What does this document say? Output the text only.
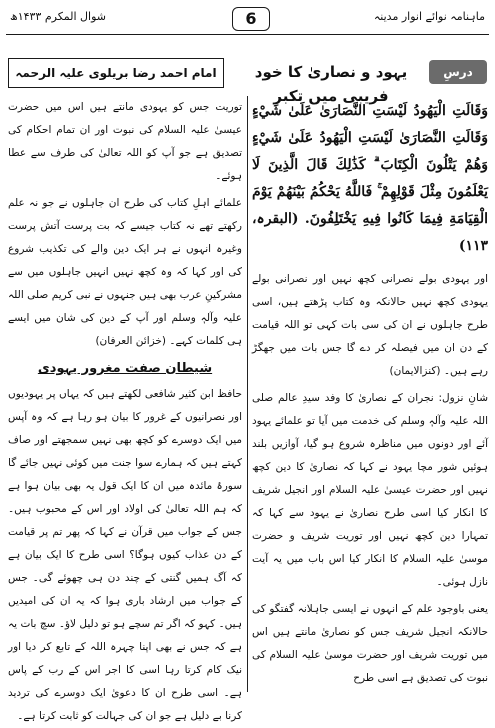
ماہنامہ نوائے انوار مدینہ
6
شوال المکرم ۱۴۳۳ھ
درسِ قرآن
یہود و نصاریٰ کا خود فریبی میں تکبر
امام احمد رضا بریلوی علیہ الرحمہ

وَقَالَتِ الْيَهُودُ لَيْسَتِ النَّصَارَىٰ عَلَىٰ شَيْءٍ وَقَالَتِ النَّصَارَىٰ لَيْسَتِ الْيَهُودُ عَلَىٰ شَيْءٍ وَهُمْ يَتْلُونَ الْكِتَابَ ۗ كَذَٰلِكَ قَالَ الَّذِينَ لَا يَعْلَمُونَ مِثْلَ قَوْلِهِمْ ۚ فَاللَّهُ يَحْكُمُ بَيْنَهُمْ يَوْمَ الْقِيَامَةِ فِيمَا كَانُوا فِيهِ يَخْتَلِفُونَ. (البقرہ، ۱۱۳)

اور یہودی بولے نصرانی کچھ نہیں اور نصرانی بولے یہودی کچھ نہیں حالانکہ وہ کتاب پڑھتے ہیں، اسی طرح جاہلوں نے ان کی سی بات کہی تو اللہ قیامت کے دن ان میں فیصلہ کر دے گا جس بات میں جھگڑ رہے ہیں۔ (کنزالایمان)

شانِ نزول: نجران کے نصاریٰ کا وفد سیدِ عالم صلی اللہ علیہ وآلہٖ وسلم کی خدمت میں آیا تو علمائے یہود آئے اور دونوں میں مناظرہ شروع ہو گیا، آوازیں بلند ہوئیں شور مچا یہود نے کہا کہ نصاریٰ کا دین کچھ نہیں اور حضرت عیسیٰ علیہ السلام اور انجیل شریف کا انکار کیا اسی طرح نصاریٰ نے یہود سے کہا کہ تمہارا دین کچھ نہیں اور توریت شریف و حضرت موسیٰ علیہ السلام کا انکار کیا اس باب میں یہ آیت نازل ہوئی۔

یعنی باوجود علم کے انہوں نے ایسی جاہلانہ گفتگو کی حالانکہ انجیل شریف جس کو نصاریٰ مانتے ہیں اس میں توریت شریف اور حضرت موسیٰ علیہ السلام کی نبوت کی تصدیق ہے اسی طرح

توریت جس کو یہودی مانتے ہیں اس میں حضرت عیسیٰ علیہ السلام کی نبوت اور ان تمام احکام کی تصدیق ہے جو آپ کو اللہ تعالیٰ کی طرف سے عطا ہوئے۔

علمائے اہلِ کتاب کی طرح ان جاہلوں نے جو نہ علم رکھتے تھے نہ کتاب جیسے کہ بت پرست آتش پرست وغیرہ انہوں نے ہر ایک دین والے کی تکذیب شروع کی اور کہا کہ وہ کچھ نہیں انہیں جاہلوں میں سے مشرکینِ عرب بھی ہیں جنہوں نے نبی کریم صلی اللہ علیہ وآلہٖ وسلم اور آپ کے دین کی شان میں ایسے ہی کلمات کہے۔ (خزائن العرفان)

شیطان صفت مغرور یہودی

حافظ ابن کثیر شافعی لکھتے ہیں کہ یہاں پر یہودیوں اور نصرانیوں کے غرور کا بیان ہو رہا ہے کہ وہ آپس میں ایک دوسرے کو کچھ بھی نہیں سمجھتے اور صاف کہتے ہیں کہ ہمارے سوا جنت میں کوئی نہیں جائے گا سورۂ مائدہ میں ان کا ایک قول یہ بھی بیان ہوا ہے کہ ہم اللہ تعالیٰ کی اولاد اور اس کے محبوب ہیں۔ جس کے جواب میں قرآن نے کہا کہ پھر تم پر قیامت کے دن عذاب کیوں ہوگا؟ اسی طرح کا ایک بیان ہے کہ آگ ہمیں گنتی کے چند دن ہی چھوئے گی۔ جس کے جواب میں ارشاد باری ہوا کہ یہ ان کی امیدیں ہیں۔ کہو کہ اگر تم سچے ہو تو دلیل لاؤ۔ سچ بات یہ ہے کہ جس نے بھی اپنا چہرہ اللہ کے تابع کر دیا اور نیک کام کرتا رہا اسی کا اجر اس کے رب کے پاس ہے۔ اسی طرح ان کا دعویٰ ایک دوسرے کی تردید کرنا بے دلیل ہے جو ان کی جہالت کو ثابت کرتا ہے۔
